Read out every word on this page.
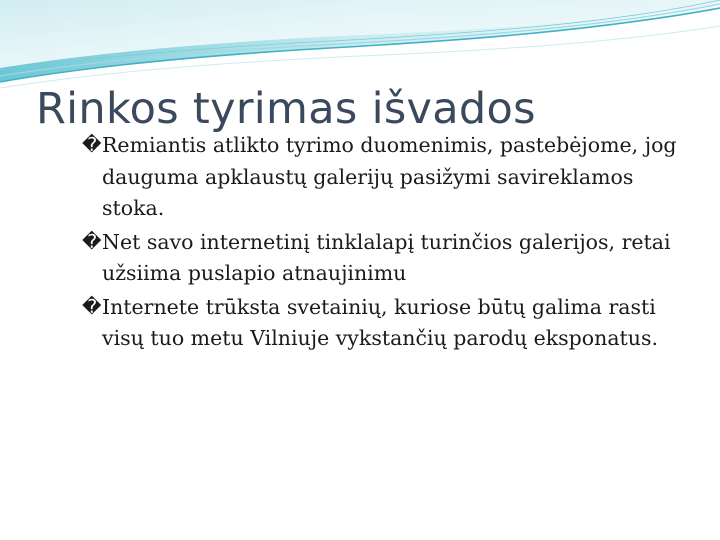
Rinkos tyrimas išvados
� Remiantis atlikto tyrimo duomenimis, pastebėjome, jog dauguma apklaustų galerijų pasižymi savireklamos stoka.
� Net savo internetinį tinklalapį turinčios galerijos, retai užsiima puslapio atnaujinimu
� Internete trūksta svetainių, kuriose būtų galima rasti visų tuo metu Vilniuje vykstančių parodų eksponatus.
